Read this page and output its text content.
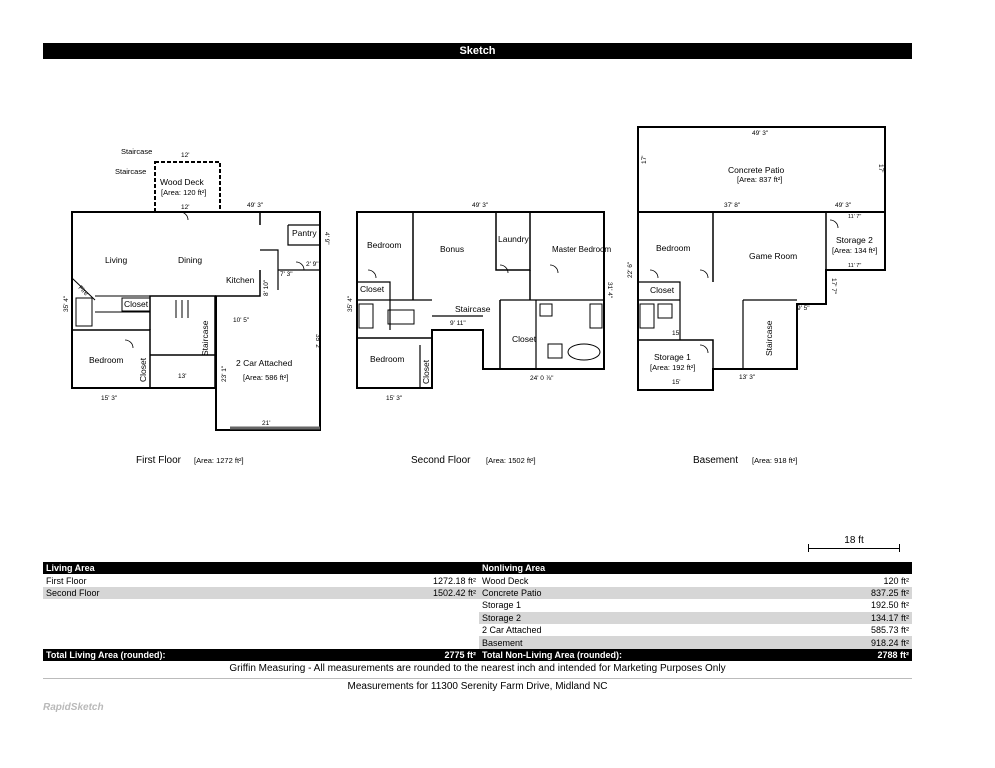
Sketch
Living	Dining
Kitchen
Pantry
Closet
Bedroom Closet
Staircase
Fire
2 Car Attached
[Area: 586 ft²]
Wood Deck
[Area: 120 ft²]
Staircase
Staircase
49' 3"
35' 4"
15' 3"
21'
23' 1"
35' 2"
12'
12'
13'
10' 5"
8' 10"
7' 3"
4' 9"
2' 9"
Bedroom	Bonus
Laundry
Master Bedroom
Closet
Staircase
Closet
Bedroom
Closet
49' 3"
35' 4"
31' 4"
15' 3"
24' 0 ⅞"
9' 11"
Concrete Patio
[Area: 837 ft²]
Bedroom
Game Room
Storage 2
[Area: 134 ft²]
Closet
Staircase
Storage 1
[Area: 192 ft²]
49' 3"
17'
17'
37' 8"	49' 3"
22' 6"
17' 7"
11' 7"
11' 7"
15'
15'
13' 3"
9' 5"
First Floor [Area: 1272 ft²]	Second Floor [Area: 1502 ft²]	Basement [Area: 918 ft²]
18 ft
Living Area	Nonliving Area

First Floor 1272.18 ft²	Wood Deck 120 ft²

Second Floor 1502.42 ft²	Concrete Patio 837.25 ft²

	Storage 1 192.50 ft²

	Storage 2 134.17 ft²

	2 Car Attached 585.73 ft²

	Basement 918.24 ft²

Total Living Area (rounded): 2775 ft²	Total Non-Living Area (rounded): 2788 ft²
Griffin Measuring - All measurements are rounded to the nearest inch and intended for Marketing Purposes Only
Measurements for 11300 Serenity Farm Drive, Midland NC
RapidSketch
